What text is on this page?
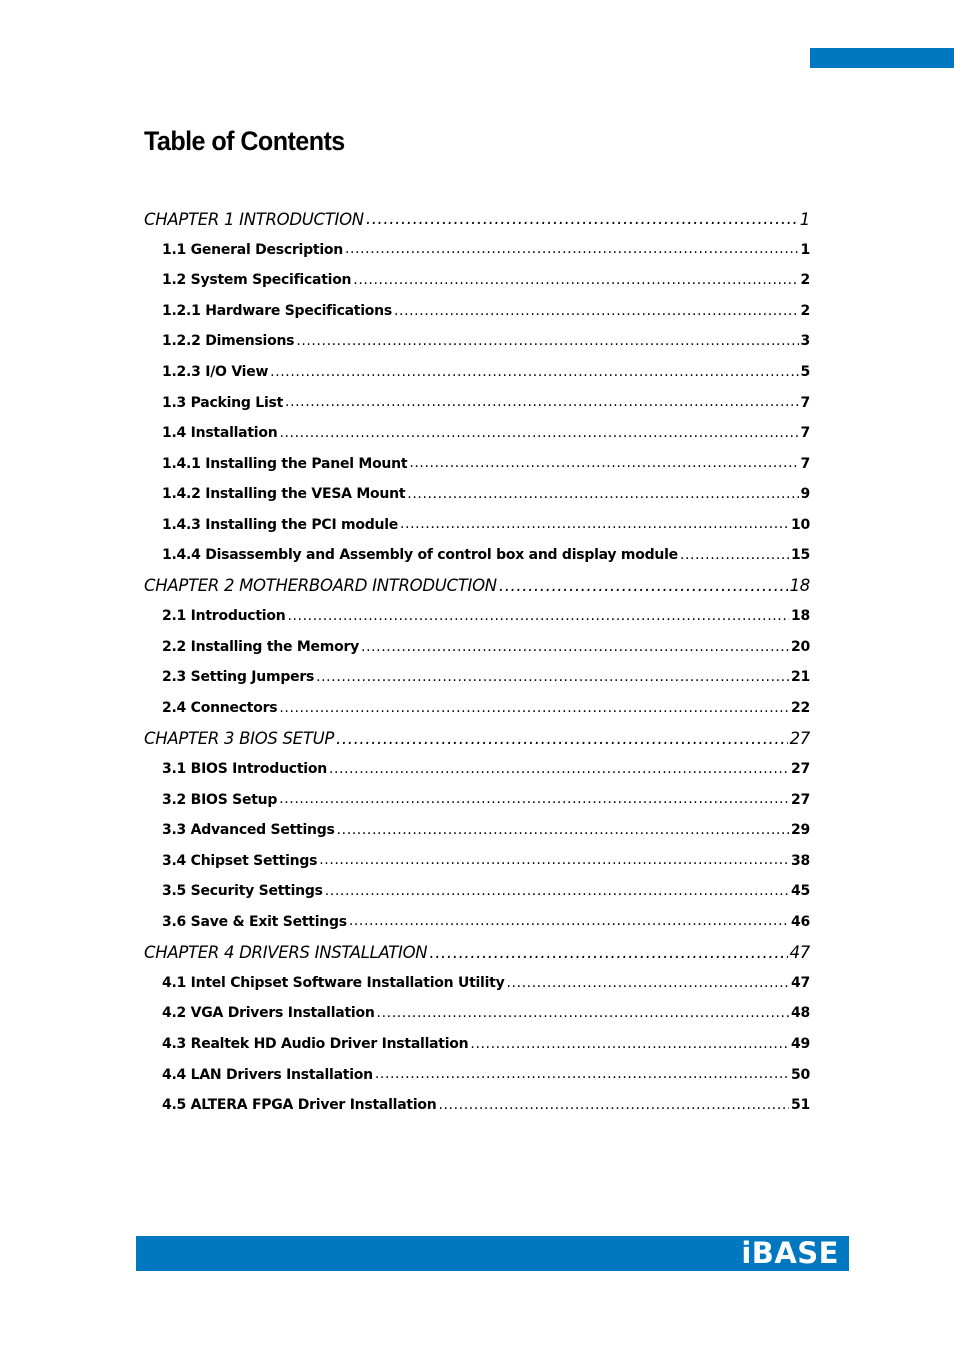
Table of Contents
CHAPTER 1 INTRODUCTION .....	1
1.1 General Description .....	1
1.2 System Specification .....	2
1.2.1 Hardware Specifications .....	2
1.2.2 Dimensions .....	3
1.2.3 I/O View .....	5
1.3 Packing List .....	7
1.4 Installation .....	7
1.4.1 Installing the Panel Mount .....	7
1.4.2 Installing the VESA Mount .....	9
1.4.3 Installing the PCI module .....	10
1.4.4 Disassembly and Assembly of control box and display module .....	15
CHAPTER 2 MOTHERBOARD INTRODUCTION .....	18
2.1 Introduction .....	18
2.2 Installing the Memory .....	20
2.3 Setting Jumpers .....	21
2.4 Connectors .....	22
CHAPTER 3 BIOS SETUP .....	27
3.1 BIOS Introduction .....	27
3.2 BIOS Setup .....	27
3.3 Advanced Settings .....	29
3.4 Chipset Settings .....	38
3.5 Security Settings .....	45
3.6 Save & Exit Settings .....	46
CHAPTER 4 DRIVERS INSTALLATION .....	47
4.1 Intel Chipset Software Installation Utility .....	47
4.2 VGA Drivers Installation .....	48
4.3 Realtek HD Audio Driver Installation .....	49
4.4 LAN Drivers Installation .....	50
4.5 ALTERA FPGA Driver Installation .....	51
iBASE
